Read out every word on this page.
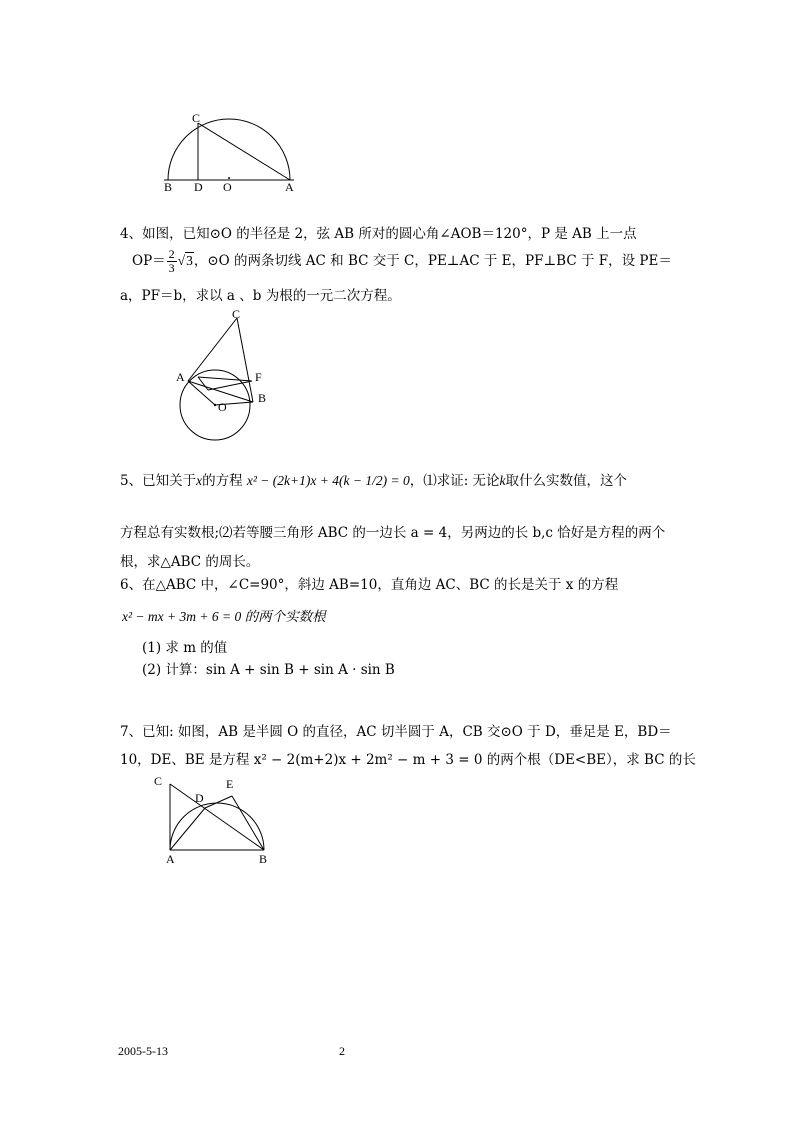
C
B D O	A
4、如图，已知⊙O 的半径是 2，弦 AB 所对的圆心角∠AOB＝120°，P 是 AB 上一点
$OP= \frac{2}{3} √3$，⊙O 的两条切线 AC 和 BC 交于 C，PE⊥AC 于 E，PF⊥BC 于 F，设 PE＝
a，PF＝b，求以 a 、b 为根的一元二次方程。
C
A	F
O
B
5、已知关于x的方程 x² − (2k+1)x + 4(k − 1/2) = 0，⑴求证: 无论k取什么实数值，这个
方程总有实数根;⑵若等腰三角形 ABC 的一边长 a = 4，另两边的长 b,c 恰好是方程的两个
根，求△ABC 的周长。
6、在△ABC 中，∠C=90°，斜边 AB=10，直角边 AC、BC 的长是关于 x 的方程
x² − mx + 3m + 6 = 0 的两个实数根
(1) 求 m 的值
(2) 计算：sin A + sin B + sin A · sin B
7、已知: 如图，AB 是半圆 O 的直径，AC 切半圆于 A，CB 交⊙O 于 D，垂足是 E，BD＝
10，DE、BE 是方程 x² − 2(m+2)x + 2m² − m + 3 = 0 的两个根（DE<BE），求 BC 的长
C
D
E
A	B
2005-5-13	2
